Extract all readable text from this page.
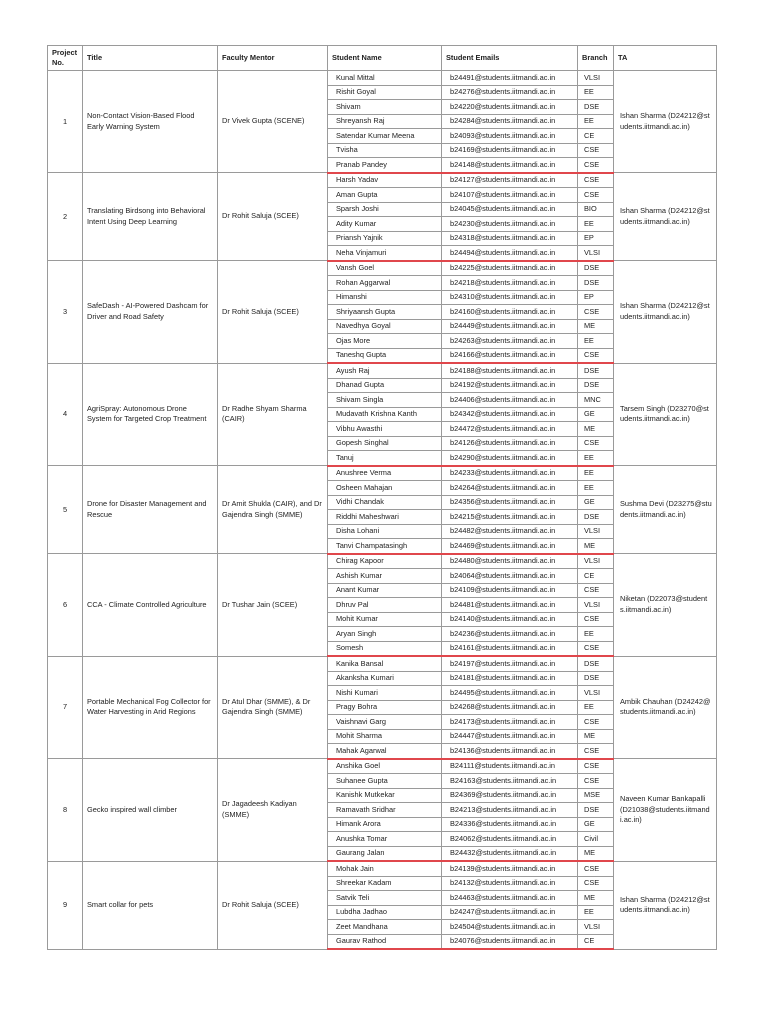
Project No.	Title	Faculty Mentor	Student Name	Student Emails	Branch	TA
1	Non-Contact Vision-Based Flood Early Warning System	Dr Vivek Gupta (SCENE)	Kunal Mittal	b24491@students.iitmandi.ac.in	VLSI	Ishan Sharma (D24212@students.iitmandi.ac.in)
			Rishit Goyal	b24276@students.iitmandi.ac.in	EE	
			Shivam	b24220@students.iitmandi.ac.in	DSE	
			Shreyansh Raj	b24284@students.iitmandi.ac.in	EE	
			Satendar Kumar Meena	b24093@students.iitmandi.ac.in	CE	
			Tvisha	b24169@students.iitmandi.ac.in	CSE	
			Pranab Pandey	b24148@students.iitmandi.ac.in	CSE	
2	Translating Birdsong into Behavioral Intent Using Deep Learning	Dr Rohit Saluja (SCEE)	Harsh Yadav	b24127@students.iitmandi.ac.in	CSE	Ishan Sharma (D24212@students.iitmandi.ac.in)
			Aman Gupta	b24107@students.iitmandi.ac.in	CSE	
			Sparsh Joshi	b24045@students.iitmandi.ac.in	BIO	
			Adity Kumar	b24230@students.iitmandi.ac.in	EE	
			Priansh Yajnik	b24318@students.iitmandi.ac.in	EP	
			Neha Vinjamuri	b24494@students.iitmandi.ac.in	VLSI	
3	SafeDash - AI-Powered Dashcam for Driver and Road Safety	Dr Rohit Saluja (SCEE)	Vansh Goel	b24225@students.iitmandi.ac.in	DSE	Ishan Sharma (D24212@students.iitmandi.ac.in)
			Rohan Aggarwal	b24218@students.iitmandi.ac.in	DSE	
			Himanshi	b24310@students.iitmandi.ac.in	EP	
			Shriyaansh Gupta	b24160@students.iitmandi.ac.in	CSE	
			Navedhya Goyal	b24449@students.iitmandi.ac.in	ME	
			Ojas More	b24263@students.iitmandi.ac.in	EE	
			Taneshq Gupta	b24166@students.iitmandi.ac.in	CSE	
4	AgriSpray: Autonomous Drone System for Targeted Crop Treatment	Dr Radhe Shyam Sharma (CAIR)	Ayush Raj	b24188@students.iitmandi.ac.in	DSE	Tarsem Singh (D23270@students.iitmandi.ac.in)
			Dhanad Gupta	b24192@students.iitmandi.ac.in	DSE	
			Shivam Singla	b24406@students.iitmandi.ac.in	MNC	
			Mudavath Krishna Kanth	b24342@students.iitmandi.ac.in	GE	
			Vibhu Awasthi	b24472@students.iitmandi.ac.in	ME	
			Gopesh Singhal	b24126@students.iitmandi.ac.in	CSE	
			Tanuj	b24290@students.iitmandi.ac.in	EE	
5	Drone for Disaster Management and Rescue	Dr Amit Shukla (CAIR), and Dr Gajendra Singh (SMME)	Anushree Verma	b24233@students.iitmandi.ac.in	EE	Sushma Devi (D23275@students.iitmandi.ac.in)
			Osheen Mahajan	b24264@students.iitmandi.ac.in	EE	
			Vidhi Chandak	b24356@students.iitmandi.ac.in	GE	
			Riddhi Maheshwari	b24215@students.iitmandi.ac.in	DSE	
			Disha Lohani	b24482@students.iitmandi.ac.in	VLSI	
			Tanvi Champatasingh	b24469@students.iitmandi.ac.in	ME	
6	CCA - Climate Controlled Agriculture	Dr Tushar Jain (SCEE)	Chirag Kapoor	b24480@students.iitmandi.ac.in	VLSI	Niketan (D22073@students.iitmandi.ac.in)
			Ashish Kumar	b24064@students.iitmandi.ac.in	CE	
			Anant Kumar	b24109@students.iitmandi.ac.in	CSE	
			Dhruv Pal	b24481@students.iitmandi.ac.in	VLSI	
			Mohit Kumar	b24140@students.iitmandi.ac.in	CSE	
			Aryan Singh	b24236@students.iitmandi.ac.in	EE	
			Somesh	b24161@students.iitmandi.ac.in	CSE	
7	Portable Mechanical Fog Collector for Water Harvesting in Arid Regions	Dr Atul Dhar (SMME), & Dr Gajendra Singh (SMME)	Kanika Bansal	b24197@students.iitmandi.ac.in	DSE	Ambik Chauhan (D24242@students.iitmandi.ac.in)
			Akanksha Kumari	b24181@students.iitmandi.ac.in	DSE	
			Nishi Kumari	b24495@students.iitmandi.ac.in	VLSI	
			Pragy Bohra	b24268@students.iitmandi.ac.in	EE	
			Vaishnavi Garg	b24173@students.iitmandi.ac.in	CSE	
			Mohit Sharma	b24447@students.iitmandi.ac.in	ME	
			Mahak Agarwal	b24136@students.iitmandi.ac.in	CSE	
8	Gecko inspired wall climber	Dr Jagadeesh Kadiyan (SMME)	Anshika Goel	B24111@students.iitmandi.ac.in	CSE	Naveen Kumar Bankapalli (D21038@students.iitmandi.ac.in)
			Suhanee Gupta	B24163@students.iitmandi.ac.in	CSE	
			Kanishk Mutkekar	B24369@students.iitmandi.ac.in	MSE	
			Ramavath Sridhar	B24213@students.iitmandi.ac.in	DSE	
			Himank Arora	B24336@students.iitmandi.ac.in	GE	
			Anushka Tomar	B24062@students.iitmandi.ac.in	Civil	
			Gaurang Jalan	B24432@students.iitmandi.ac.in	ME	
9	Smart collar for pets	Dr Rohit Saluja (SCEE)	Mohak Jain	b24139@students.iitmandi.ac.in	CSE	Ishan Sharma (D24212@students.iitmandi.ac.in)
			Shreekar Kadam	b24132@students.iitmandi.ac.in	CSE	
			Satvik Teli	b24463@students.iitmandi.ac.in	ME	
			Lubdha Jadhao	b24247@students.iitmandi.ac.in	EE	
			Zeet Mandhana	b24504@students.iitmandi.ac.in	VLSI	
			Gaurav Rathod	b24076@students.iitmandi.ac.in	CE	
